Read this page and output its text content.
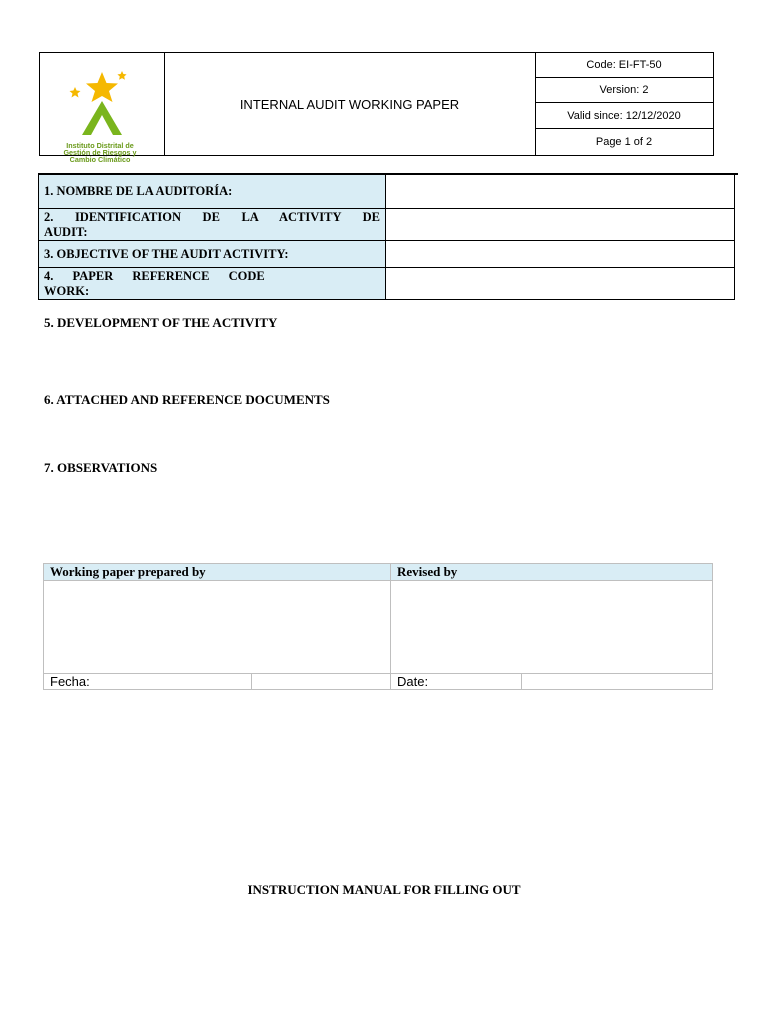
Instituto Distrital de
Gestión de Riesgos y
Cambio Climático
INTERNAL AUDIT WORKING PAPER
Code: EI-FT-50
Version: 2
Valid since: 12/12/2020
Page 1 of 2
1. NOMBRE DE LA AUDITORÍA:	

2. IDENTIFICATION DE LA ACTIVITY DE
AUDIT:	
3. OBJECTIVE OF THE AUDIT ACTIVITY:	
4. PAPER REFERENCE CODE
WORK:	
5. DEVELOPMENT OF THE ACTIVITY
6. ATTACHED AND REFERENCE DOCUMENTS
7. OBSERVATIONS
Working paper prepared by		Revised by	

Fecha:		Date:	
INSTRUCTION MANUAL FOR FILLING OUT
